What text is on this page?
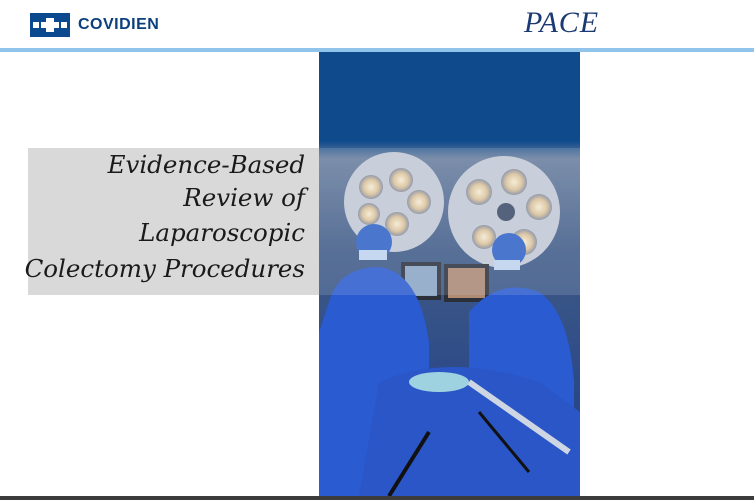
COVIDIEN	PACE
Evidence-Based
Review of
Laparoscopic
Colectomy Procedures
